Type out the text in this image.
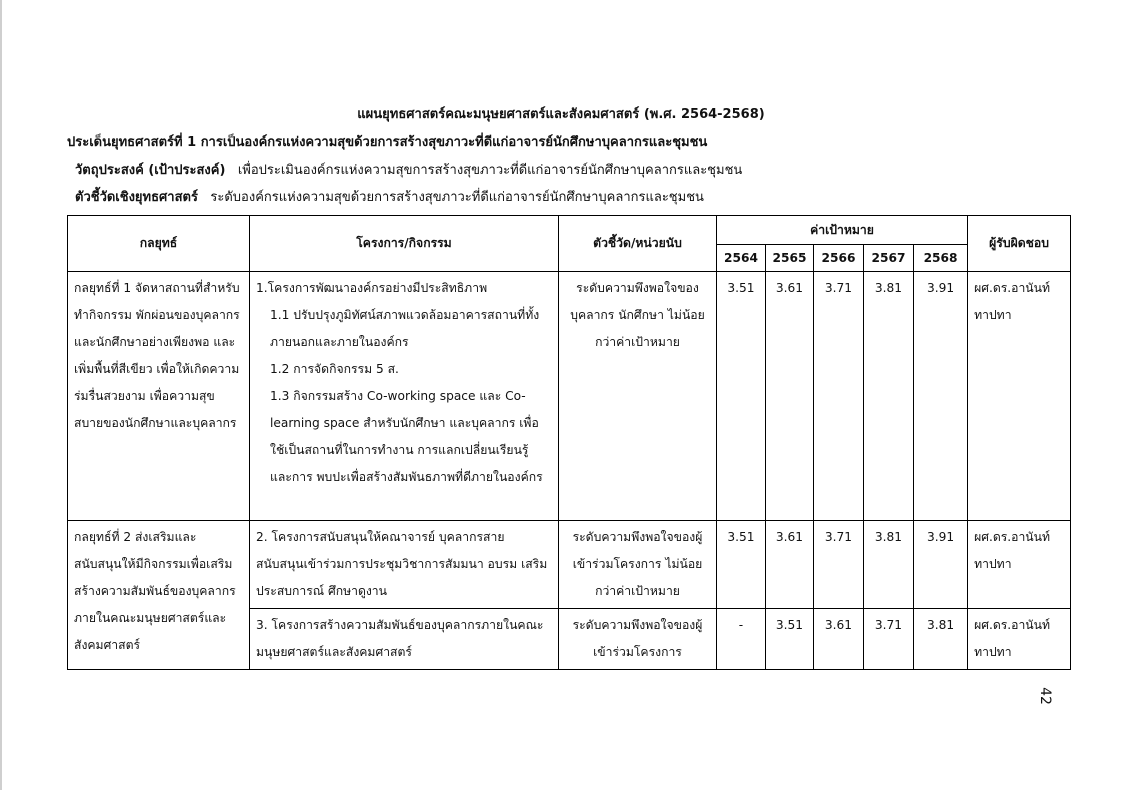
แผนยุทธศาสตร์คณะมนุษยศาสตร์และสังคมศาสตร์ (พ.ศ. 2564-2568)
ประเด็นยุทธศาสตร์ที่ 1 การเป็นองค์กรแห่งความสุขด้วยการสร้างสุขภาวะที่ดีแก่อาจารย์นักศึกษาบุคลากรและชุมชน
วัตถุประสงค์ (เป้าประสงค์) เพื่อประเมินองค์กรแห่งความสุขการสร้างสุขภาวะที่ดีแก่อาจารย์นักศึกษาบุคลากรและชุมชน
ตัวชี้วัดเชิงยุทธศาสตร์ ระดับองค์กรแห่งความสุขด้วยการสร้างสุขภาวะที่ดีแก่อาจารย์นักศึกษาบุคลากรและชุมชน
กลยุทธ์	โครงการ/กิจกรรม	ตัวชี้วัด/หน่วยนับ	ค่าเป้าหมาย					ผู้รับผิดชอบ
			2564	2565	2566	2567	2568	
กลยุทธ์ที่ 1 จัดหาสถานที่สำหรับทำกิจกรรม พักผ่อนของบุคลากร และนักศึกษาอย่างเพียงพอ และเพิ่มพื้นที่สีเขียว เพื่อให้เกิดความร่มรื่นสวยงาม เพื่อความสุขสบายของนักศึกษาและบุคลากร	1.โครงการพัฒนาองค์กรอย่างมีประสิทธิภาพ
1.1 ปรับปรุงภูมิทัศน์สภาพแวดล้อมอาคารสถานที่ทั้งภายนอกและภายในองค์กร
1.2 การจัดกิจกรรม 5 ส.
1.3 กิจกรรมสร้าง Co-working space และ Co-learning space สำหรับนักศึกษา และบุคลากร เพื่อใช้เป็นสถานที่ในการทำงาน การแลกเปลี่ยนเรียนรู้ และการ พบปะเพื่อสร้างสัมพันธภาพที่ดีภายในองค์กร	ระดับความพึงพอใจของบุคลากร นักศึกษา ไม่น้อยกว่าค่าเป้าหมาย	3.51	3.61	3.71	3.81	3.91	ผศ.ดร.อานันท์ ทาปทา
กลยุทธ์ที่ 2 ส่งเสริมและสนับสนุนให้มีกิจกรรมเพื่อเสริมสร้างความสัมพันธ์ของบุคลากร ภายในคณะมนุษยศาสตร์และสังคมศาสตร์	2. โครงการสนับสนุนให้คณาจารย์ บุคลากรสายสนับสนุนเข้าร่วมการประชุมวิชาการสัมมนา อบรม เสริมประสบการณ์ ศึกษาดูงาน	ระดับความพึงพอใจของผู้เข้าร่วมโครงการ ไม่น้อยกว่าค่าเป้าหมาย	3.51	3.61	3.71	3.81	3.91	ผศ.ดร.อานันท์ ทาปทา
	3. โครงการสร้างความสัมพันธ์ของบุคลากรภายในคณะมนุษยศาสตร์และสังคมศาสตร์	ระดับความพึงพอใจของผู้เข้าร่วมโครงการ	-	3.51	3.61	3.71	3.81	ผศ.ดร.อานันท์ ทาปทา
42
